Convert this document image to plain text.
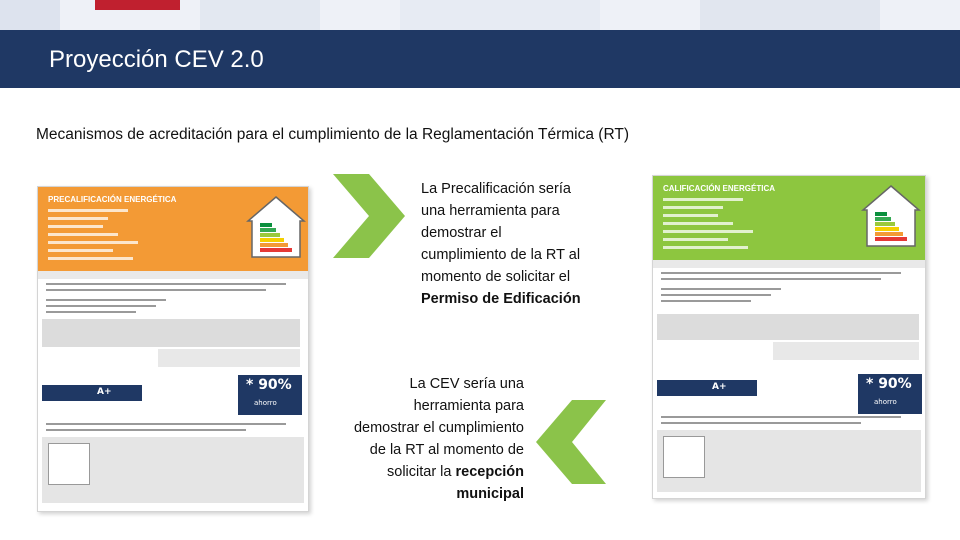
Proyección CEV 2.0
Mecanismos de acreditación para el cumplimiento de la Reglamentación Térmica (RT)
PRECALIFICACIÓN ENERGÉTICA
A+	* 90%
ahorro
CALIFICACIÓN ENERGÉTICA
A+	* 90%
ahorro
La Precalificación sería
una herramienta para
demostrar el
cumplimiento de la RT al
momento de solicitar el
Permiso de Edificación
La CEV sería una
herramienta para
demostrar el cumplimiento
de la RT al momento de
solicitar la recepción
municipal
